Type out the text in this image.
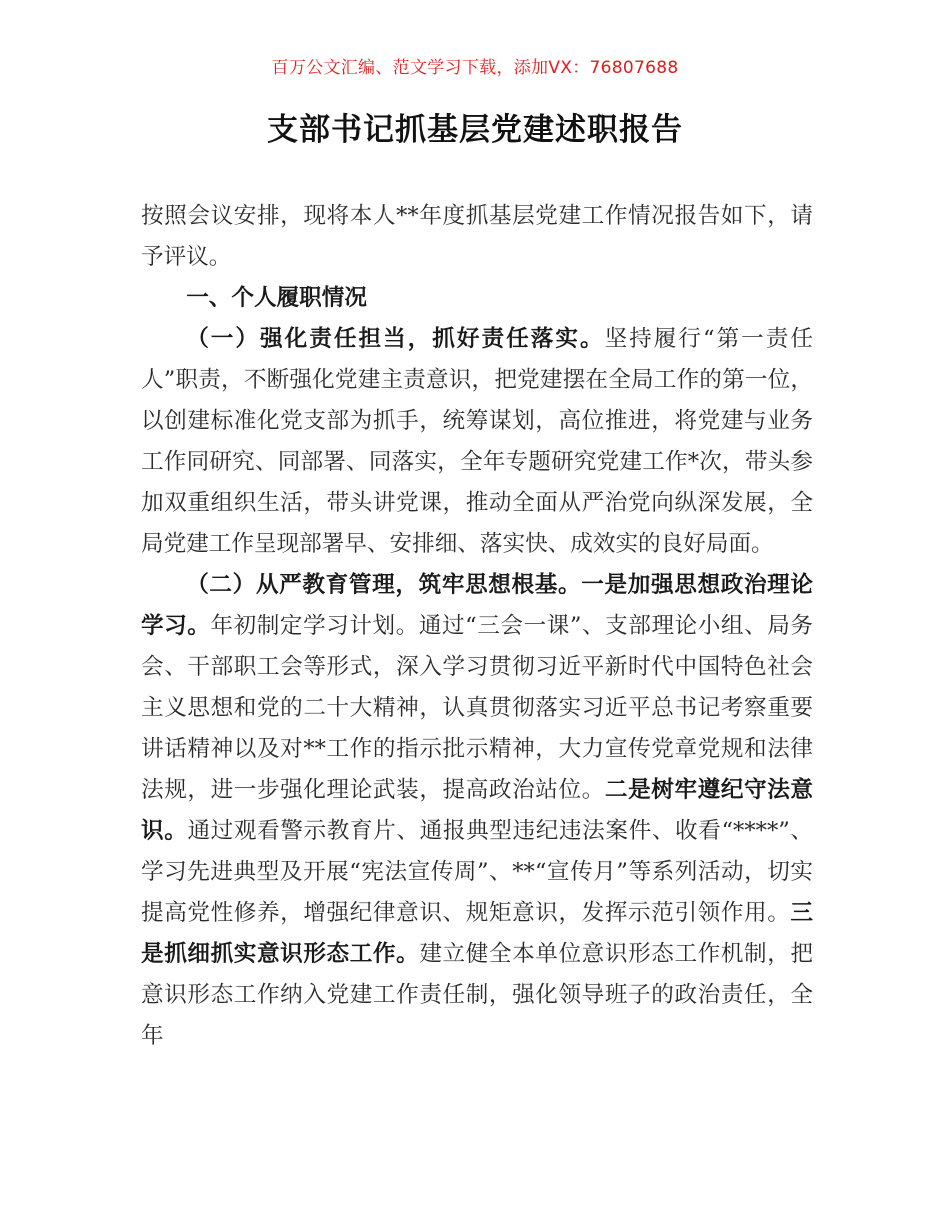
百万公文汇编、范文学习下载，添加VX：76807688
支部书记抓基层党建述职报告

按照会议安排，现将本人**年度抓基层党建工作情况报告如下，请予评议。

一、个人履职情况

（一）强化责任担当，抓好责任落实。坚持履行“第一责任人”职责，不断强化党建主责意识，把党建摆在全局工作的第一位，以创建标准化党支部为抓手，统筹谋划，高位推进，将党建与业务工作同研究、同部署、同落实，全年专题研究党建工作*次，带头参加双重组织生活，带头讲党课，推动全面从严治党向纵深发展，全局党建工作呈现部署早、安排细、落实快、成效实的良好局面。

（二）从严教育管理，筑牢思想根基。一是加强思想政治理论学习。年初制定学习计划。通过“三会一课”、支部理论小组、局务会、干部职工会等形式，深入学习贯彻习近平新时代中国特色社会主义思想和党的二十大精神，认真贯彻落实习近平总书记考察重要讲话精神以及对**工作的指示批示精神，大力宣传党章党规和法律法规，进一步强化理论武装，提高政治站位。二是树牢遵纪守法意识。通过观看警示教育片、通报典型违纪违法案件、收看“****”、学习先进典型及开展“宪法宣传周”、**“宣传月”等系列活动，切实提高党性修养，增强纪律意识、规矩意识，发挥示范引领作用。三是抓细抓实意识形态工作。建立健全本单位意识形态工作机制，把意识形态工作纳入党建工作责任制，强化领导班子的政治责任，全年
